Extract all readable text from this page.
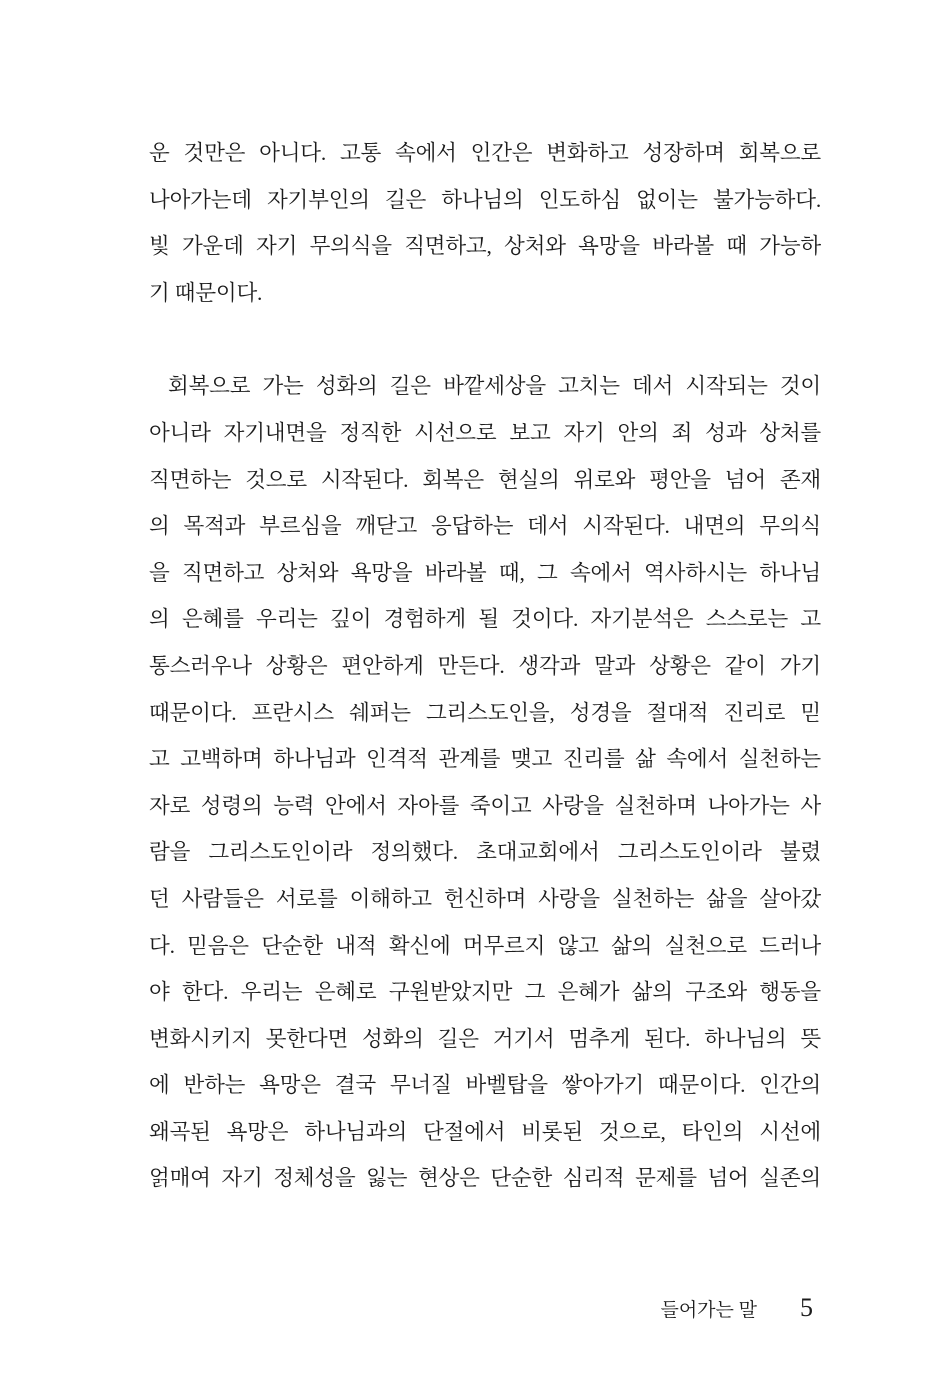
운 것만은 아니다. 고통 속에서 인간은 변화하고 성장하며 회복으로
나아가는데 자기부인의 길은 하나님의 인도하심 없이는 불가능하다.
빛 가운데 자기 무의식을 직면하고, 상처와 욕망을 바라볼 때 가능하
기 때문이다.
회복으로 가는 성화의 길은 바깥세상을 고치는 데서 시작되는 것이
아니라 자기내면을 정직한 시선으로 보고 자기 안의 죄 성과 상처를
직면하는 것으로 시작된다. 회복은 현실의 위로와 평안을 넘어 존재
의 목적과 부르심을 깨닫고 응답하는 데서 시작된다. 내면의 무의식
을 직면하고 상처와 욕망을 바라볼 때, 그 속에서 역사하시는 하나님
의 은혜를 우리는 깊이 경험하게 될 것이다. 자기분석은 스스로는 고
통스러우나 상황은 편안하게 만든다. 생각과 말과 상황은 같이 가기
때문이다. 프란시스 쉐퍼는 그리스도인을, 성경을 절대적 진리로 믿
고 고백하며 하나님과 인격적 관계를 맺고 진리를 삶 속에서 실천하는
자로 성령의 능력 안에서 자아를 죽이고 사랑을 실천하며 나아가는 사
람을 그리스도인이라 정의했다. 초대교회에서 그리스도인이라 불렸
던 사람들은 서로를 이해하고 헌신하며 사랑을 실천하는 삶을 살아갔
다. 믿음은 단순한 내적 확신에 머무르지 않고 삶의 실천으로 드러나
야 한다. 우리는 은혜로 구원받았지만 그 은혜가 삶의 구조와 행동을
변화시키지 못한다면 성화의 길은 거기서 멈추게 된다. 하나님의 뜻
에 반하는 욕망은 결국 무너질 바벨탑을 쌓아가기 때문이다. 인간의
왜곡된 욕망은 하나님과의 단절에서 비롯된 것으로, 타인의 시선에
얽매여 자기 정체성을 잃는 현상은 단순한 심리적 문제를 넘어 실존의
들어가는 말 5
